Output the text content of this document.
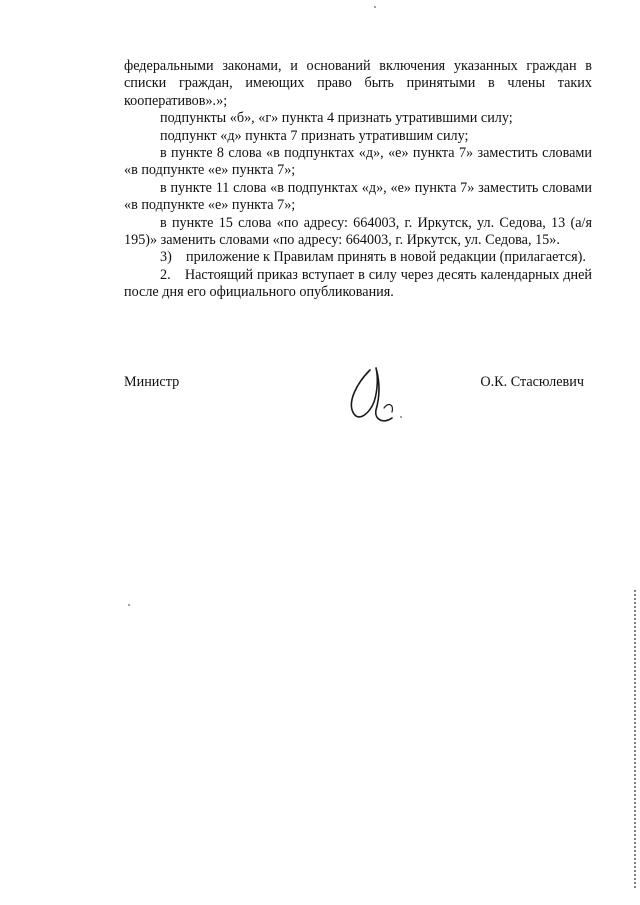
федеральными законами, и оснований включения указанных граждан в списки граждан, имеющих право быть принятыми в члены таких кооперативов».»;

подпункты «б», «г» пункта 4 признать утратившими силу;

подпункт «д» пункта 7 признать утратившим силу;

в пункте 8 слова «в подпунктах «д», «е» пункта 7» заместить словами «в подпункте «е» пункта 7»;

в пункте 11 слова «в подпунктах «д», «е» пункта 7» заместить словами «в подпункте «е» пункта 7»;

в пункте 15 слова «по адресу: 664003, г. Иркутск, ул. Седова, 13 (а/я 195)» заменить словами «по адресу: 664003, г. Иркутск, ул. Седова, 15».

3) приложение к Правилам принять в новой редакции (прилагается).

2. Настоящий приказ вступает в силу через десять календарных дней после дня его официального опубликования.

Министр	О.К. Стасюлевич
